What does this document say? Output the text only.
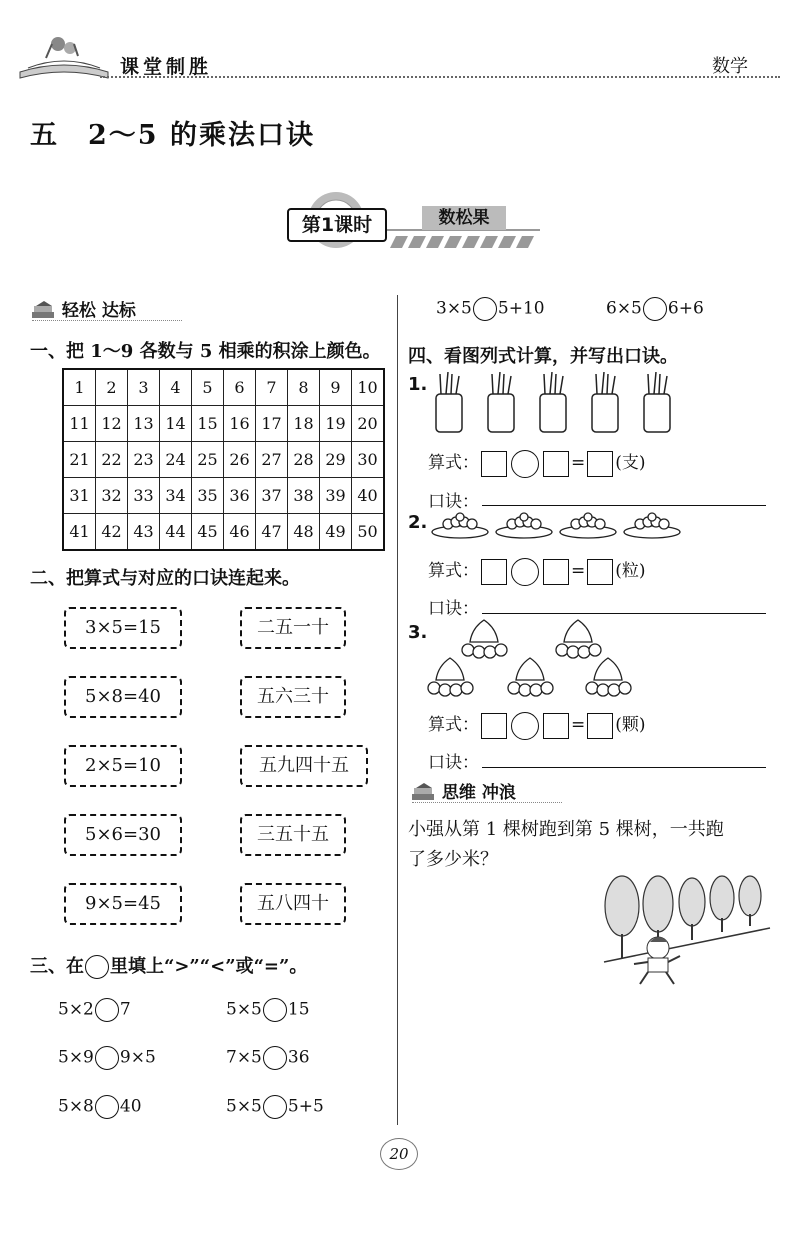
课堂制胜	数学
五　2～5 的乘法口诀
第1课时	数松果
轻松 达标
一、把 1～9 各数与 5 相乘的积涂上颜色。
1	2	3	4	5	6	7	8	9	10
11	12	13	14	15	16	17	18	19	20
21	22	23	24	25	26	27	28	29	30
31	32	33	34	35	36	37	38	39	40
41	42	43	44	45	46	47	48	49	50
二、把算式与对应的口诀连起来。
3×5=15
5×8=40
2×5=10
5×6=30
9×5=45
二五一十
五六三十
五九四十五
三五十五
五八四十
三、在 里填上“>”“<”或“=”。
5×2 7	5×5 15
5×9 9×5	7×5 36
5×8 40	5×5 5+5
3×5 5+10	6×5 6+6
四、看图列式计算，并写出口诀。
1.
算式：	= (支)
口诀：
2.
算式：	= (粒)
口诀：
3.
算式：	= (颗)
口诀：
思维 冲浪
小强从第 1 棵树跑到第 5 棵树，一共跑
了多少米？
20
